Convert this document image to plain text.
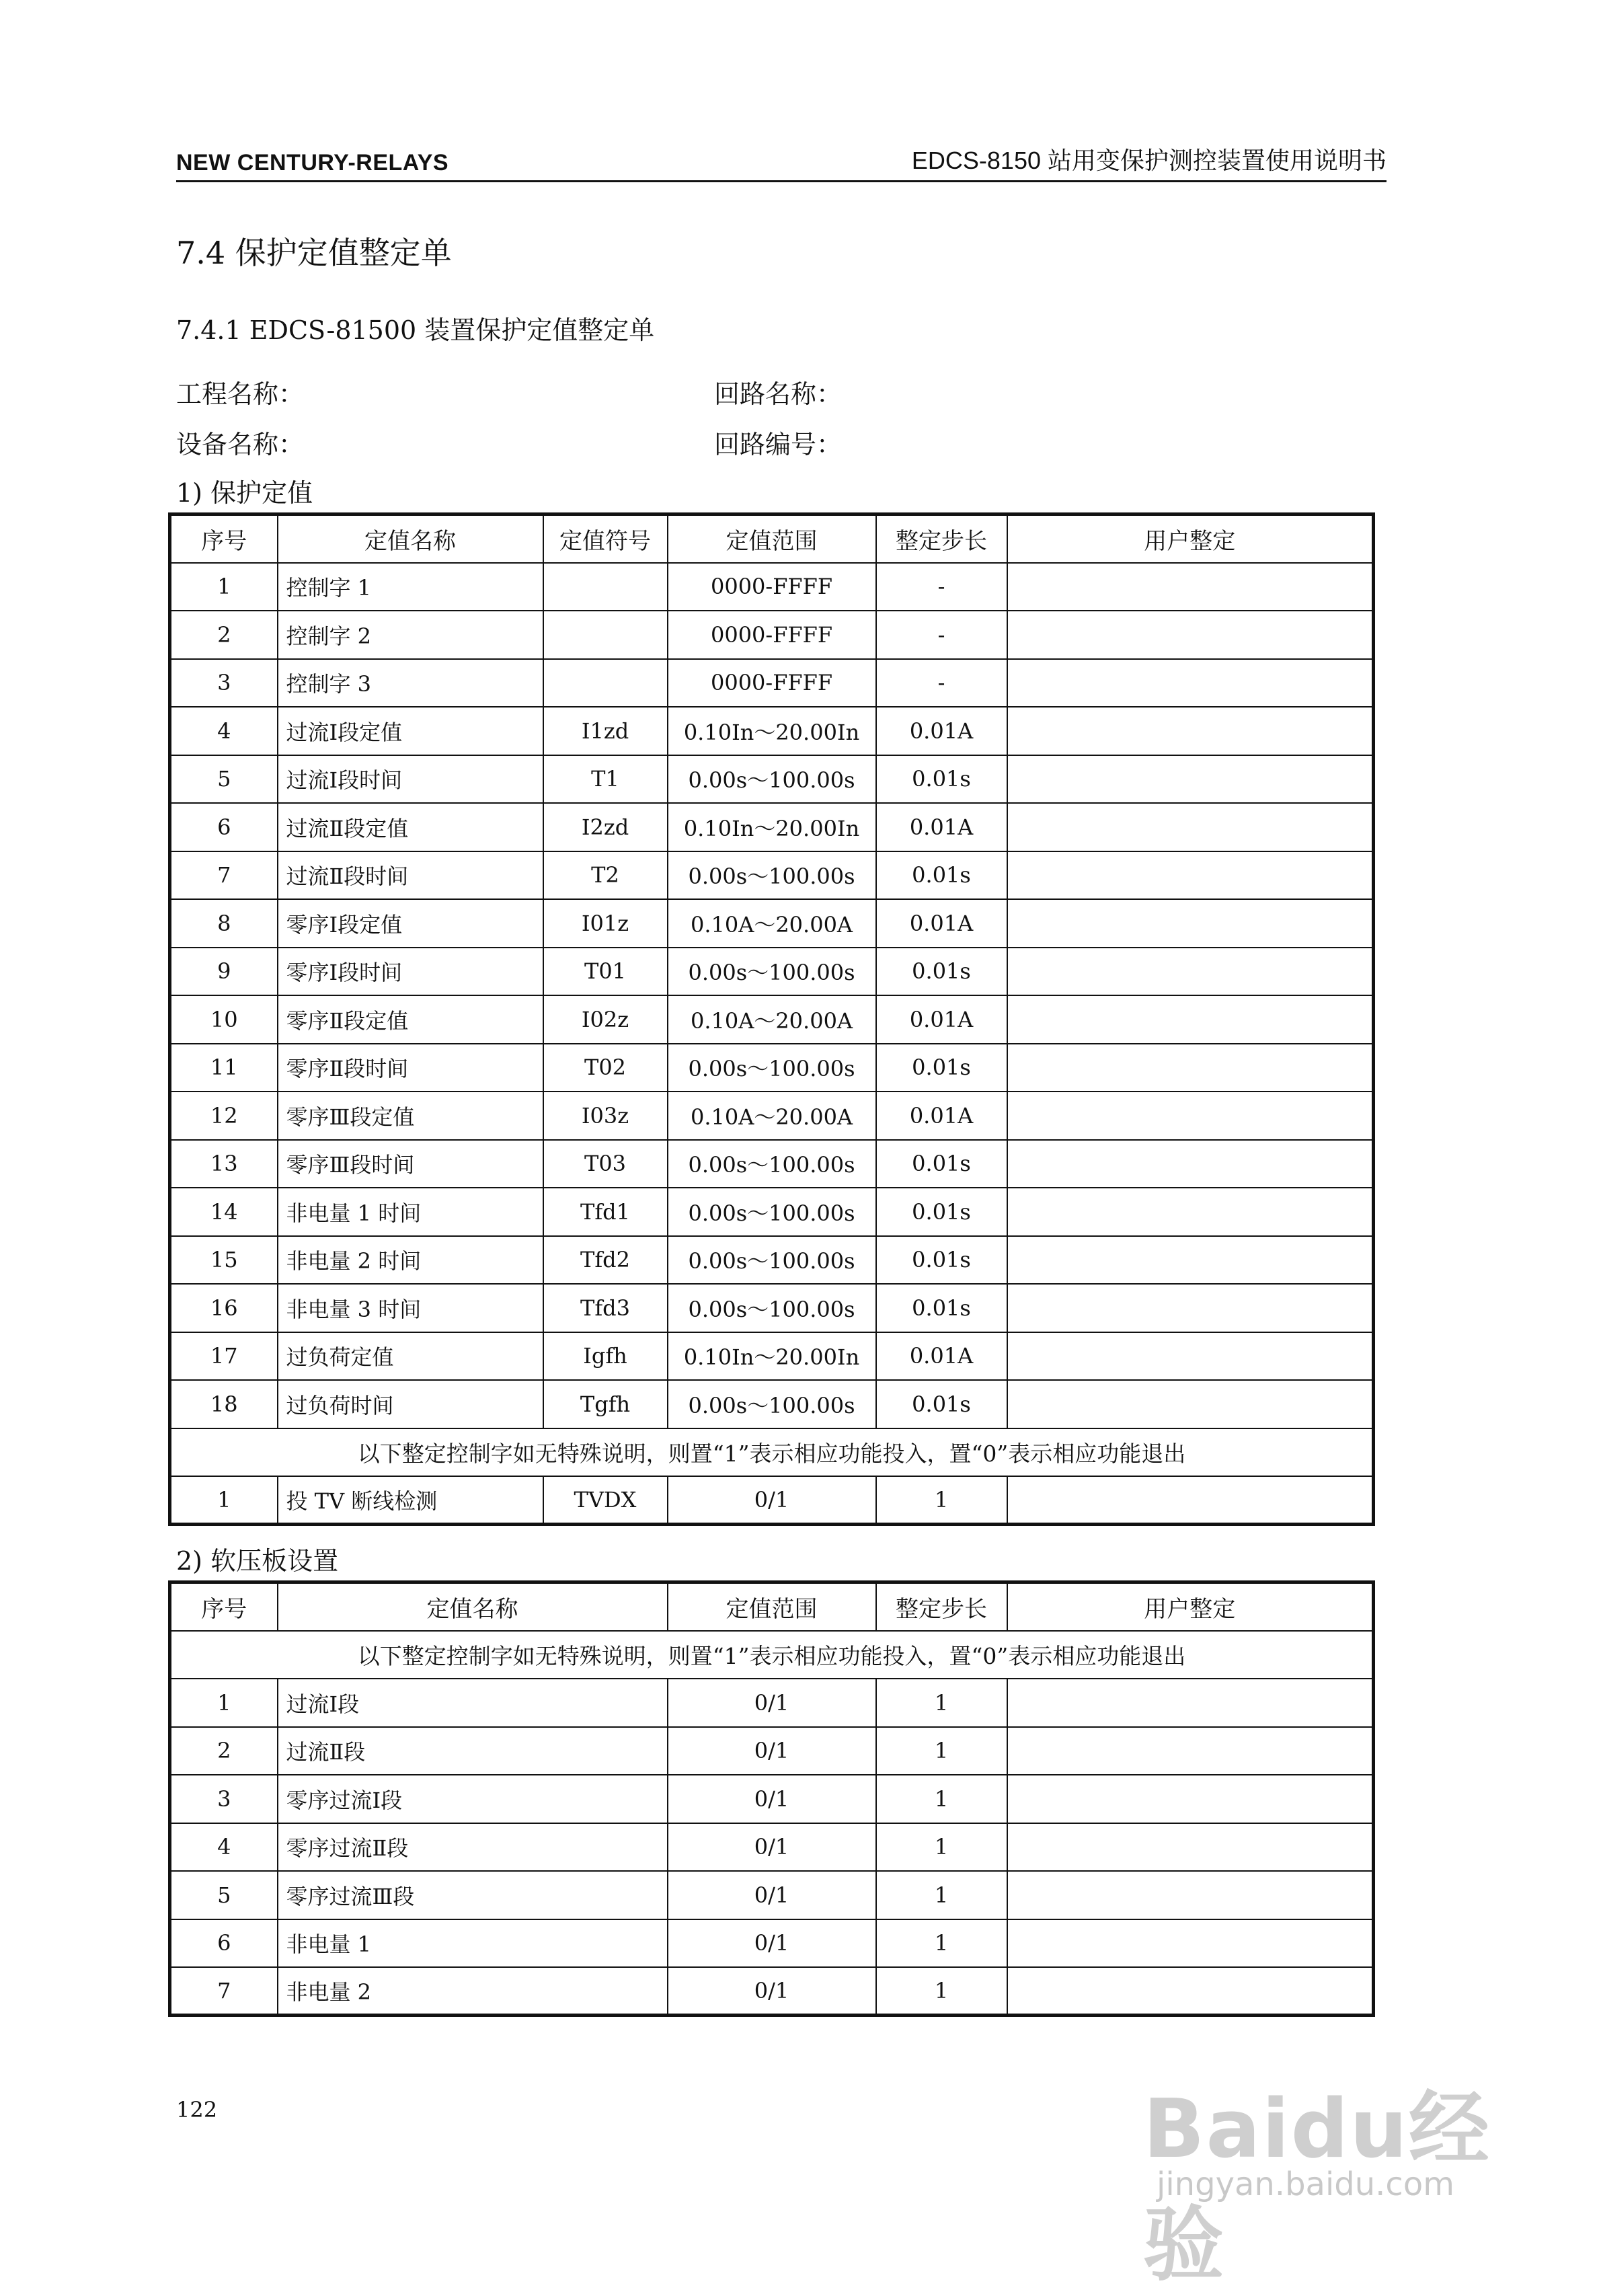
NEW CENTURY-RELAYS	EDCS-8150 站用变保护测控装置使用说明书
7.4 保护定值整定单
7.4.1 EDCS-81500 装置保护定值整定单
工程名称：	回路名称：
设备名称：	回路编号：
1) 保护定值
序号	定值名称	定值符号	定值范围	整定步长	用户整定
1	控制字 1		0000-FFFF	-	
2	控制字 2		0000-FFFF	-	
3	控制字 3		0000-FFFF	-	
4	过流Ⅰ段定值	I1zd	0.10In～20.00In	0.01A	
5	过流Ⅰ段时间	T1	0.00s～100.00s	0.01s	
6	过流Ⅱ段定值	I2zd	0.10In～20.00In	0.01A	
7	过流Ⅱ段时间	T2	0.00s～100.00s	0.01s	
8	零序Ⅰ段定值	I01z	0.10A～20.00A	0.01A	
9	零序Ⅰ段时间	T01	0.00s～100.00s	0.01s	
10	零序Ⅱ段定值	I02z	0.10A～20.00A	0.01A	
11	零序Ⅱ段时间	T02	0.00s～100.00s	0.01s	
12	零序Ⅲ段定值	I03z	0.10A～20.00A	0.01A	
13	零序Ⅲ段时间	T03	0.00s～100.00s	0.01s	
14	非电量 1 时间	Tfd1	0.00s～100.00s	0.01s	
15	非电量 2 时间	Tfd2	0.00s～100.00s	0.01s	
16	非电量 3 时间	Tfd3	0.00s～100.00s	0.01s	
17	过负荷定值	Igfh	0.10In～20.00In	0.01A	
18	过负荷时间	Tgfh	0.00s～100.00s	0.01s	
以下整定控制字如无特殊说明，则置“1”表示相应功能投入，置“0”表示相应功能退出					
1	投 TV 断线检测	TVDX	0/1	1	
2) 软压板设置
序号	定值名称	定值范围	整定步长	用户整定
以下整定控制字如无特殊说明，则置“1”表示相应功能投入，置“0”表示相应功能退出				
1	过流Ⅰ段	0/1	1	
2	过流Ⅱ段	0/1	1	
3	零序过流Ⅰ段	0/1	1	
4	零序过流Ⅱ段	0/1	1	
5	零序过流Ⅲ段	0/1	1	
6	非电量 1	0/1	1	
7	非电量 2	0/1	1	
122	Baidu经验
jingyan.baidu.com
